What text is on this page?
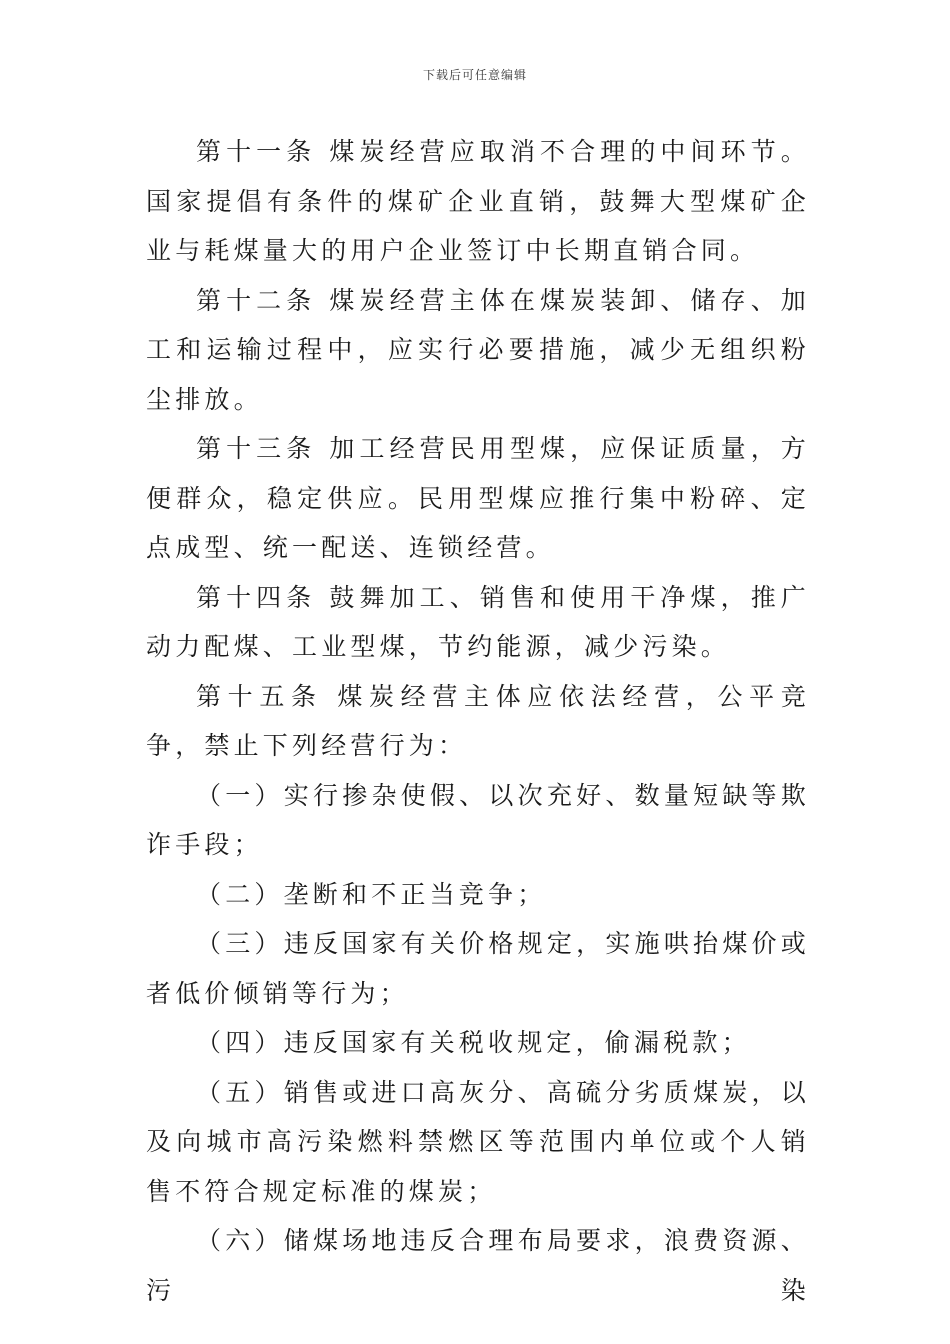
下载后可任意编辑

第十一条 煤炭经营应取消不合理的中间环节。国家提倡有条件的煤矿企业直销，鼓舞大型煤矿企业与耗煤量大的用户企业签订中长期直销合同。

第十二条 煤炭经营主体在煤炭装卸、储存、加工和运输过程中，应实行必要措施，减少无组织粉尘排放。

第十三条 加工经营民用型煤，应保证质量，方便群众，稳定供应。民用型煤应推行集中粉碎、定点成型、统一配送、连锁经营。

第十四条 鼓舞加工、销售和使用干净煤，推广动力配煤、工业型煤，节约能源，减少污染。

第十五条 煤炭经营主体应依法经营，公平竞争，禁止下列经营行为：

（一）实行掺杂使假、以次充好、数量短缺等欺诈手段；

（二）垄断和不正当竞争；

（三）违反国家有关价格规定，实施哄抬煤价或者低价倾销等行为；

（四）违反国家有关税收规定，偷漏税款；

（五）销售或进口高灰分、高硫分劣质煤炭，以及向城市高污染燃料禁燃区等范围内单位或个人销售不符合规定标准的煤炭；

（六）储煤场地违反合理布局要求，浪费资源、污染
